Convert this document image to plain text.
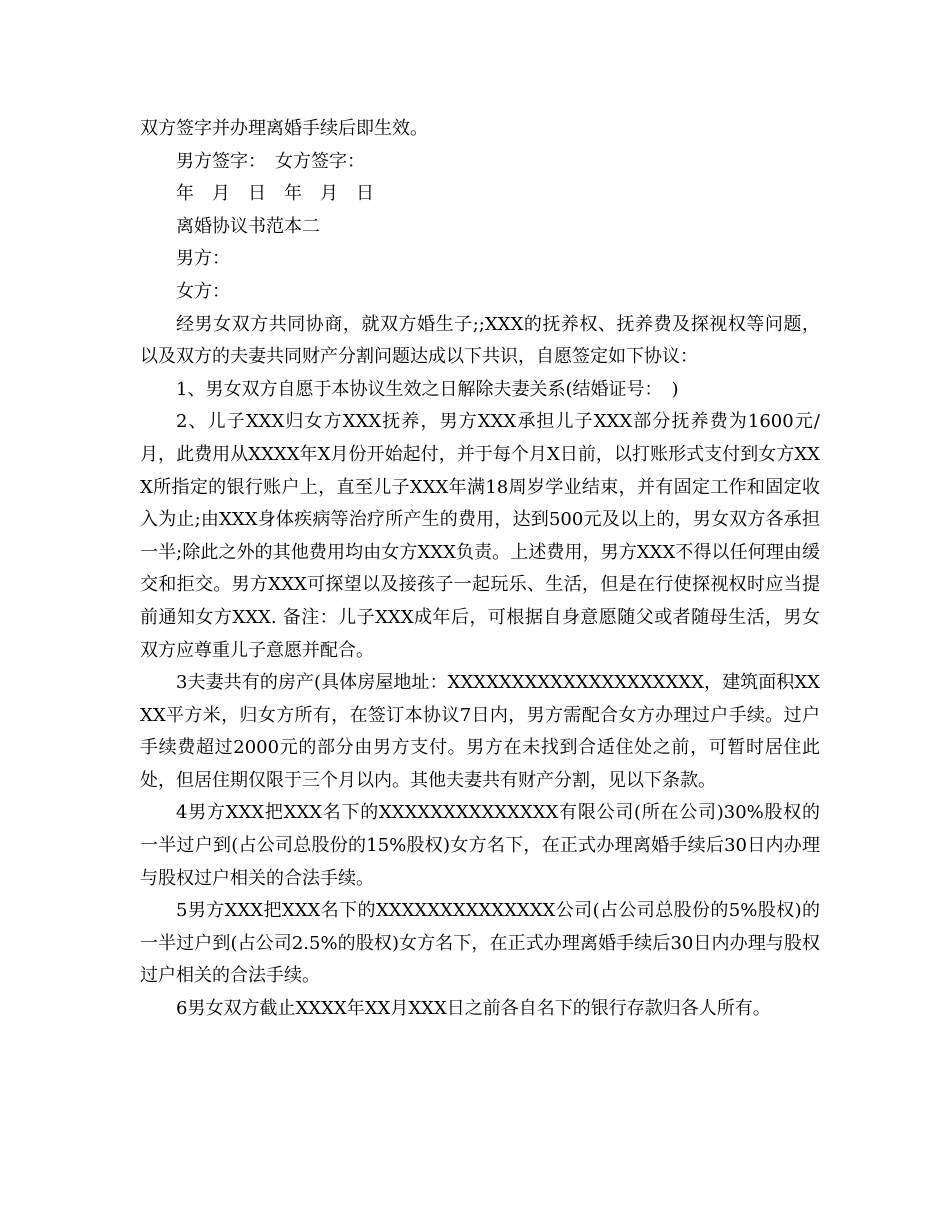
双方签字并办理离婚手续后即生效。

男方签字：　女方签字：

年　月　日　年　月　日

离婚协议书范本二

男方：

女方：

经男女双方共同协商，就双方婚生子;;XXX的抚养权、抚养费及探视权等问题，以及双方的夫妻共同财产分割问题达成以下共识，自愿签定如下协议：

1、男女双方自愿于本协议生效之日解除夫妻关系(结婚证号：　)

2、儿子XXX归女方XXX抚养，男方XXX承担儿子XXX部分抚养费为1600元/月，此费用从XXXX年X月份开始起付，并于每个月X日前，以打账形式支付到女方XXX所指定的银行账户上，直至儿子XXX年满18周岁学业结束，并有固定工作和固定收入为止;由XXX身体疾病等治疗所产生的费用，达到500元及以上的，男女双方各承担一半;除此之外的其他费用均由女方XXX负责。上述费用，男方XXX不得以任何理由缓交和拒交。男方XXX可探望以及接孩子一起玩乐、生活，但是在行使探视权时应当提前通知女方XXX. 备注：儿子XXX成年后，可根据自身意愿随父或者随母生活，男女双方应尊重儿子意愿并配合。

3夫妻共有的房产(具体房屋地址：XXXXXXXXXXXXXXXXXXXX，建筑面积XXXX平方米，归女方所有，在签订本协议7日内，男方需配合女方办理过户手续。过户手续费超过2000元的部分由男方支付。男方在未找到合适住处之前，可暂时居住此处，但居住期仅限于三个月以内。其他夫妻共有财产分割，见以下条款。

4男方XXX把XXX名下的XXXXXXXXXXXXXX有限公司(所在公司)30%股权的一半过户到(占公司总股份的15%股权)女方名下，在正式办理离婚手续后30日内办理与股权过户相关的合法手续。

5男方XXX把XXX名下的XXXXXXXXXXXXXX公司(占公司总股份的5%股权)的一半过户到(占公司2.5%的股权)女方名下，在正式办理离婚手续后30日内办理与股权过户相关的合法手续。

6男女双方截止XXXX年XX月XXX日之前各自名下的银行存款归各人所有。
